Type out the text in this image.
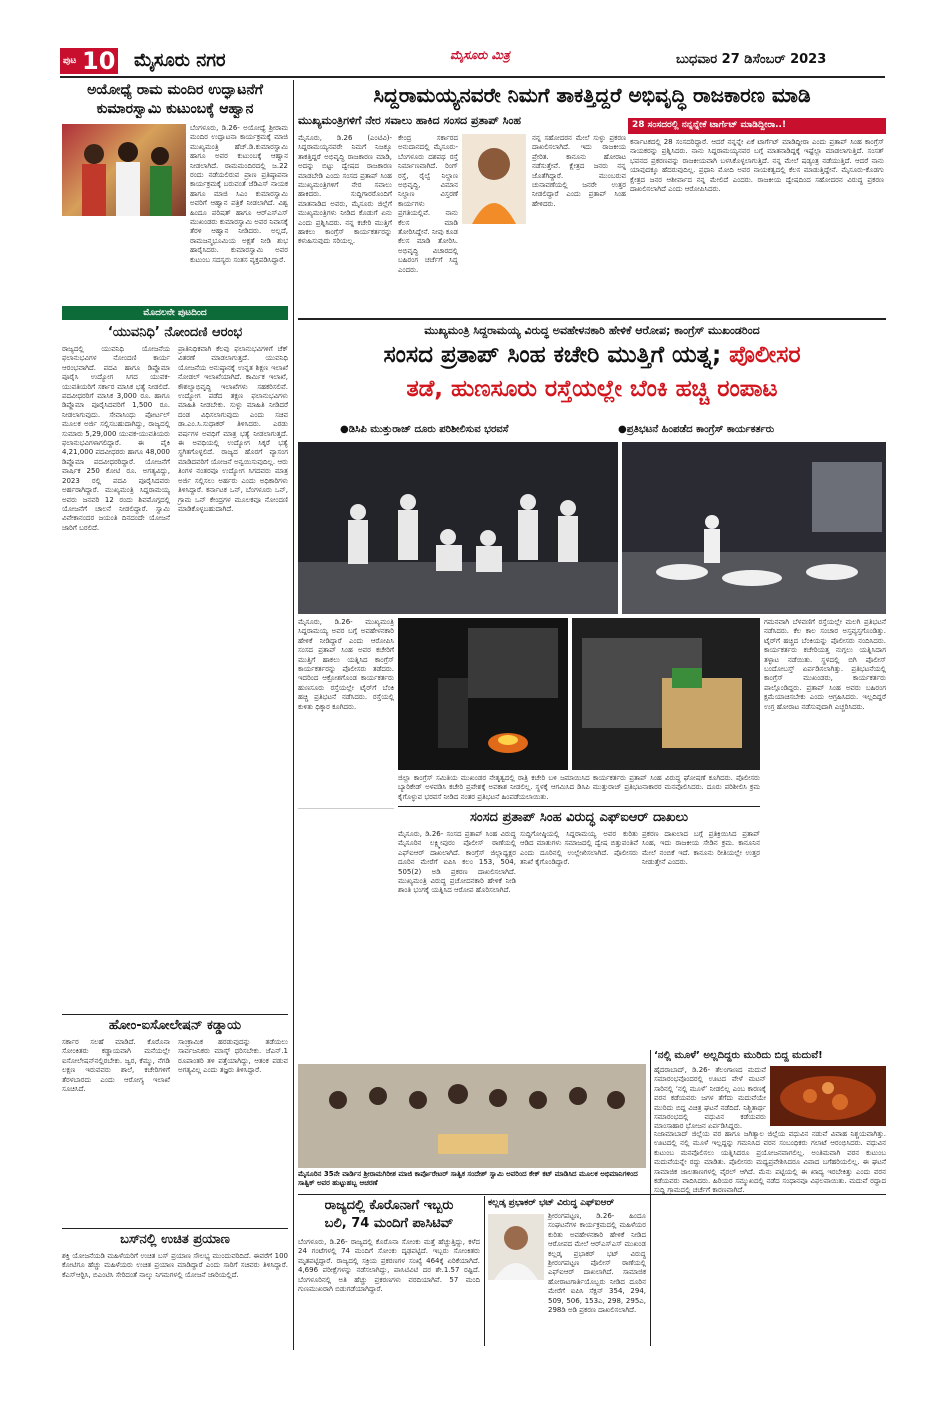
ಪುಟ 10 ಮೈಸೂರು ನಗರ	ಮೈಸೂರು ಮಿತ್ರ	ಬುಧವಾರ 27 ಡಿಸೆಂಬರ್ 2023
ಅಯೋಧ್ಯೆ ರಾಮ ಮಂದಿರ ಉದ್ಘಾಟನೆಗೆ
ಕುಮಾರಸ್ವಾಮಿ ಕುಟುಂಬಕ್ಕೆ ಆಹ್ವಾನ
ಬೆಂಗಳೂರು, ಡಿ.26- ಅಯೋಧ್ಯೆ ಶ್ರೀರಾಮ ಮಂದಿರ ಉದ್ಘಾಟನಾ ಕಾರ್ಯಕ್ರಮಕ್ಕೆ ಮಾಜಿ ಮುಖ್ಯಮಂತ್ರಿ ಹೆಚ್.ಡಿ.ಕುಮಾರಸ್ವಾಮಿ ಹಾಗೂ ಅವರ ಕುಟುಂಬಕ್ಕೆ ಆಹ್ವಾನ ನೀಡಲಾಗಿದೆ. ರಾಮಮಂದಿರದಲ್ಲಿ ಜ.22 ರಂದು ನಡೆಯಲಿರುವ ಪ್ರಾಣ ಪ್ರತಿಷ್ಠಾಪನಾ ಕಾರ್ಯಕ್ರಮಕ್ಕೆ ಬರುವಂತೆ ಜೆಡಿಎಸ್ ನಾಯಕ ಹಾಗೂ ಮಾಜಿ ಸಿಎಂ ಕುಮಾರಸ್ವಾಮಿ ಅವರಿಗೆ ಆಹ್ವಾನ ಪತ್ರಿಕೆ ನೀಡಲಾಗಿದೆ. ವಿಶ್ವ ಹಿಂದೂ ಪರಿಷತ್ ಹಾಗೂ ಆರ್‍ಎಸ್‍ಎಸ್ ಮುಖಂಡರು ಕುಮಾರಸ್ವಾಮಿ ಅವರ ನಿವಾಸಕ್ಕೆ ತೆರಳಿ ಆಹ್ವಾನ ನೀಡಿದರು. ಅಲ್ಲದೆ, ರಾಮಜನ್ಮಭೂಮಿಯ ಅಕ್ಷತೆ ನೀಡಿ ಶುಭ ಹಾರೈಸಿದರು. ಕುಮಾರಸ್ವಾಮಿ ಅವರ ಕುಟುಂಬ ಸದಸ್ಯರು ಸಂತಸ ವ್ಯಕ್ತಪಡಿಸಿದ್ದಾರೆ.
ಮೊದಲನೇ ಪುಟದಿಂದ
‘ಯುವನಿಧಿ’ ನೋಂದಣಿ ಆರಂಭ
ರಾಜ್ಯದಲ್ಲಿ ಯುವನಿಧಿ ಯೋಜನೆಯ ಫಲಾನುಭವಿಗಳ ನೋಂದಣಿ ಕಾರ್ಯ ಆರಂಭವಾಗಿದೆ. ಪದವಿ ಹಾಗೂ ಡಿಪ್ಲೊಮಾ ಪೂರೈಸಿ ಉದ್ಯೋಗ ಸಿಗದ ಯುವಕ-ಯುವತಿಯರಿಗೆ ಸರ್ಕಾರ ಮಾಸಿಕ ಭತ್ಯೆ ನೀಡಲಿದೆ. ಪದವೀಧರರಿಗೆ ಮಾಸಿಕ 3,000 ರೂ. ಹಾಗೂ ಡಿಪ್ಲೊಮಾ ಪೂರೈಸಿದವರಿಗೆ 1,500 ರೂ. ನೀಡಲಾಗುವುದು. ಸೇವಾಸಿಂಧು ಪೋರ್ಟಲ್ ಮೂಲಕ ಅರ್ಜಿ ಸಲ್ಲಿಸಬಹುದಾಗಿದ್ದು, ರಾಜ್ಯದಲ್ಲಿ ಸುಮಾರು 5,29,000 ಯುವಕ-ಯುವತಿಯರು ಫಲಾನುಭವಿಗಳಾಗಲಿದ್ದಾರೆ. ಈ ಪೈಕಿ 4,21,000 ಪದವೀಧರರು ಹಾಗೂ 48,000 ಡಿಪ್ಲೊಮಾ ಪದವೀಧರರಿದ್ದಾರೆ. ಯೋಜನೆಗೆ ವಾರ್ಷಿಕ 250 ಕೋಟಿ ರೂ. ಅಗತ್ಯವಿದ್ದು, 2023 ರಲ್ಲಿ ಪದವಿ ಪೂರೈಸಿದವರು ಅರ್ಹರಾಗಿದ್ದಾರೆ. ಮುಖ್ಯಮಂತ್ರಿ ಸಿದ್ದರಾಮಯ್ಯ ಅವರು ಜನವರಿ 12 ರಂದು ಶಿವಮೊಗ್ಗದಲ್ಲಿ ಯೋಜನೆಗೆ ಚಾಲನೆ ನೀಡಲಿದ್ದಾರೆ. ಸ್ವಾಮಿ ವಿವೇಕಾನಂದರ ಜಯಂತಿ ದಿನದಂದೇ ಯೋಜನೆ ಜಾರಿಗೆ ಬರಲಿದೆ.
ಪ್ರಾತಿನಿಧಿಕವಾಗಿ ಕೆಲವು ಫಲಾನುಭವಿಗಳಿಗೆ ಚೆಕ್ ವಿತರಣೆ ಮಾಡಲಾಗುತ್ತದೆ. ಯುವನಿಧಿ ಯೋಜನೆಯ ಅನುಷ್ಠಾನಕ್ಕೆ ಉನ್ನತ ಶಿಕ್ಷಣ ಇಲಾಖೆ ನೋಡಲ್ ಇಲಾಖೆಯಾಗಿದೆ. ಕಾರ್ಮಿಕ ಇಲಾಖೆ, ಕೌಶಲ್ಯಾಭಿವೃದ್ಧಿ ಇಲಾಖೆಗಳು ಸಹಕರಿಸಲಿವೆ. ಉದ್ಯೋಗ ಪಡೆದ ತಕ್ಷಣ ಫಲಾನುಭವಿಗಳು ಮಾಹಿತಿ ನೀಡಬೇಕು. ಸುಳ್ಳು ಮಾಹಿತಿ ನೀಡಿದರೆ ದಂಡ ವಿಧಿಸಲಾಗುವುದು ಎಂದು ಸಚಿವ ಡಾ.ಎಂ.ಸಿ.ಸುಧಾಕರ್ ತಿಳಿಸಿದರು. ಎರಡು ವರ್ಷಗಳ ಅವಧಿಗೆ ಮಾತ್ರ ಭತ್ಯೆ ನೀಡಲಾಗುತ್ತದೆ. ಈ ಅವಧಿಯಲ್ಲಿ ಉದ್ಯೋಗ ಸಿಕ್ಕರೆ ಭತ್ಯೆ ಸ್ಥಗಿತಗೊಳ್ಳಲಿದೆ. ರಾಜ್ಯದ ಹೊರಗೆ ವ್ಯಾಸಂಗ ಮಾಡಿದವರಿಗೆ ಯೋಜನೆ ಅನ್ವಯಿಸುವುದಿಲ್ಲ. ಆರು ತಿಂಗಳ ನಂತರವೂ ಉದ್ಯೋಗ ಸಿಗದವರು ಮಾತ್ರ ಅರ್ಜಿ ಸಲ್ಲಿಸಲು ಅರ್ಹರು ಎಂದು ಅಧಿಕಾರಿಗಳು ತಿಳಿಸಿದ್ದಾರೆ. ಕರ್ನಾಟಕ ಒನ್, ಬೆಂಗಳೂರು ಒನ್, ಗ್ರಾಮ ಒನ್ ಕೇಂದ್ರಗಳ ಮೂಲಕವೂ ನೋಂದಣಿ ಮಾಡಿಕೊಳ್ಳಬಹುದಾಗಿದೆ.
ಹೋಂ-ಐಸೋಲೇಷನ್ ಕಡ್ಡಾಯ
ಸರ್ಕಾರ ಸಲಹೆ ಮಾಡಿದೆ. ಕೊರೊನಾ ಸೋಂಕಿತರು ಕಡ್ಡಾಯವಾಗಿ ಮನೆಯಲ್ಲೇ ಐಸೋಲೇಷನ್‍ನಲ್ಲಿರಬೇಕು. ಜ್ವರ, ಕೆಮ್ಮು, ನೆಗಡಿ ಲಕ್ಷಣ ಇರುವವರು ಶಾಲೆ, ಕಚೇರಿಗಳಿಗೆ ತೆರಳಬಾರದು ಎಂದು ಆರೋಗ್ಯ ಇಲಾಖೆ ಸೂಚಿಸಿದೆ.
ಸಾಂಕ್ರಾಮಿಕ ಹರಡುವುದನ್ನು ತಡೆಯಲು ಸಾರ್ವಜನಿಕರು ಮಾಸ್ಕ್ ಧರಿಸಬೇಕು. ಜೆಎನ್.1 ರೂಪಾಂತರಿ ತಳಿ ಪತ್ತೆಯಾಗಿದ್ದು, ಆತಂಕ ಪಡುವ ಅಗತ್ಯವಿಲ್ಲ ಎಂದು ತಜ್ಞರು ತಿಳಿಸಿದ್ದಾರೆ.
ಬಸ್‍ನಲ್ಲಿ ಉಚಿತ ಪ್ರಯಾಣ
ಶಕ್ತಿ ಯೋಜನೆಯಡಿ ಮಹಿಳೆಯರಿಗೆ ಉಚಿತ ಬಸ್ ಪ್ರಯಾಣ ಸೌಲಭ್ಯ ಮುಂದುವರಿದಿದೆ. ಈವರೆಗೆ 100 ಕೋಟಿಗೂ ಹೆಚ್ಚು ಮಹಿಳೆಯರು ಉಚಿತ ಪ್ರಯಾಣ ಮಾಡಿದ್ದಾರೆ ಎಂದು ಸಾರಿಗೆ ಸಚಿವರು ತಿಳಿಸಿದ್ದಾರೆ. ಕೆಎಸ್‍ಆರ್‍ಟಿಸಿ, ಬಿಎಂಟಿಸಿ ಸೇರಿದಂತೆ ನಾಲ್ಕು ನಿಗಮಗಳಲ್ಲಿ ಯೋಜನೆ ಜಾರಿಯಲ್ಲಿದೆ.
ಸಿದ್ದರಾಮಯ್ಯನವರೇ ನಿಮಗೆ ತಾಕತ್ತಿದ್ದರೆ ಅಭಿವೃದ್ಧಿ ರಾಜಕಾರಣ ಮಾಡಿ
ಮುಖ್ಯಮಂತ್ರಿಗಳಿಗೆ ನೇರ ಸವಾಲು ಹಾಕಿದ ಸಂಸದ ಪ್ರತಾಪ್ ಸಿಂಹ
ಮೈಸೂರು, ಡಿ.26 (ಎಂಟಿವಿ)- ಸಿದ್ದರಾಮಯ್ಯನವರೇ ನಿಮಗೆ ನಿಜಕ್ಕೂ ತಾಕತ್ತಿದ್ದರೆ ಅಭಿವೃದ್ಧಿ ರಾಜಕಾರಣ ಮಾಡಿ, ಅದನ್ನು ಬಿಟ್ಟು ದ್ವೇಷದ ರಾಜಕಾರಣ ಮಾಡಬೇಡಿ ಎಂದು ಸಂಸದ ಪ್ರತಾಪ್ ಸಿಂಹ ಮುಖ್ಯಮಂತ್ರಿಗಳಿಗೆ ನೇರ ಸವಾಲು ಹಾಕಿದರು. ಸುದ್ದಿಗಾರರೊಂದಿಗೆ ಮಾತನಾಡಿದ ಅವರು, ಮೈಸೂರು ಜಿಲ್ಲೆಗೆ ಮುಖ್ಯಮಂತ್ರಿಗಳು ನೀಡಿದ ಕೊಡುಗೆ ಏನು ಎಂದು ಪ್ರಶ್ನಿಸಿದರು. ನನ್ನ ಕಚೇರಿ ಮುತ್ತಿಗೆ ಹಾಕಲು ಕಾಂಗ್ರೆಸ್ ಕಾರ್ಯಕರ್ತರನ್ನು ಕಳುಹಿಸುವುದು ಸರಿಯಲ್ಲ.
ಕೇಂದ್ರ ಸರ್ಕಾರದ ಅನುದಾನದಲ್ಲಿ ಮೈಸೂರು-ಬೆಂಗಳೂರು ದಶಪಥ ರಸ್ತೆ ನಿರ್ಮಾಣವಾಗಿದೆ. ರಿಂಗ್ ರಸ್ತೆ, ರೈಲ್ವೆ ನಿಲ್ದಾಣ ಅಭಿವೃದ್ಧಿ, ವಿಮಾನ ನಿಲ್ದಾಣ ವಿಸ್ತರಣೆ ಕಾರ್ಯಗಳು ಪ್ರಗತಿಯಲ್ಲಿವೆ. ನಾನು ಕೆಲಸ ಮಾಡಿ ತೋರಿಸಿದ್ದೇನೆ. ನೀವು ಕೂಡ ಕೆಲಸ ಮಾಡಿ ತೋರಿಸಿ. ಅಭಿವೃದ್ಧಿ ವಿಚಾರದಲ್ಲಿ ಬಹಿರಂಗ ಚರ್ಚೆಗೆ ಸಿದ್ಧ ಎಂದರು.
ನನ್ನ ಸಹೋದರನ ಮೇಲೆ ಸುಳ್ಳು ಪ್ರಕರಣ ದಾಖಲಿಸಲಾಗಿದೆ. ಇದು ರಾಜಕೀಯ ಪ್ರೇರಿತ. ಕಾನೂನು ಹೋರಾಟ ನಡೆಸುತ್ತೇವೆ. ಕ್ಷೇತ್ರದ ಜನರು ನನ್ನ ಜೊತೆಗಿದ್ದಾರೆ. ಮುಂಬರುವ ಚುನಾವಣೆಯಲ್ಲಿ ಜನರೇ ಉತ್ತರ ನೀಡಲಿದ್ದಾರೆ ಎಂದು ಪ್ರತಾಪ್ ಸಿಂಹ ಹೇಳಿದರು.
28 ಸಂಸದರಲ್ಲಿ ನನ್ನನ್ನೇಕೆ ಟಾರ್ಗೆಟ್ ಮಾಡಿದ್ದೀರಾ..!
ಕರ್ನಾಟಕದಲ್ಲಿ 28 ಸಂಸದರಿದ್ದಾರೆ. ಆದರೆ ನನ್ನನ್ನೇ ಏಕೆ ಟಾರ್ಗೆಟ್ ಮಾಡಿದ್ದೀರಾ ಎಂದು ಪ್ರತಾಪ್ ಸಿಂಹ ಕಾಂಗ್ರೆಸ್ ನಾಯಕರನ್ನು ಪ್ರಶ್ನಿಸಿದರು. ನಾನು ಸಿದ್ದರಾಮಯ್ಯನವರ ಬಗ್ಗೆ ಮಾತನಾಡಿದ್ದಕ್ಕೆ ಇಷ್ಟೆಲ್ಲಾ ಮಾಡಲಾಗುತ್ತಿದೆ. ಸಂಸತ್ ಭವನದ ಪ್ರಕರಣವನ್ನು ರಾಜಕೀಯವಾಗಿ ಬಳಸಿಕೊಳ್ಳಲಾಗುತ್ತಿದೆ. ನನ್ನ ಮೇಲೆ ಷಡ್ಯಂತ್ರ ನಡೆಯುತ್ತಿದೆ. ಆದರೆ ನಾನು ಯಾವುದಕ್ಕೂ ಹೆದರುವುದಿಲ್ಲ. ಪ್ರಧಾನಿ ಮೋದಿ ಅವರ ನಾಯಕತ್ವದಲ್ಲಿ ಕೆಲಸ ಮಾಡುತ್ತಿದ್ದೇನೆ. ಮೈಸೂರು-ಕೊಡಗು ಕ್ಷೇತ್ರದ ಜನರ ಆಶೀರ್ವಾದ ನನ್ನ ಮೇಲಿದೆ ಎಂದರು. ರಾಜಕೀಯ ದ್ವೇಷದಿಂದ ಸಹೋದರನ ವಿರುದ್ಧ ಪ್ರಕರಣ ದಾಖಲಿಸಲಾಗಿದೆ ಎಂದು ಆರೋಪಿಸಿದರು.
ಮುಖ್ಯಮಂತ್ರಿ ಸಿದ್ದರಾಮಯ್ಯ ವಿರುದ್ಧ ಅವಹೇಳನಕಾರಿ ಹೇಳಿಕೆ ಆರೋಪ; ಕಾಂಗ್ರೆಸ್ ಮುಖಂಡರಿಂದ
ಸಂಸದ ಪ್ರತಾಪ್ ಸಿಂಹ ಕಚೇರಿ ಮುತ್ತಿಗೆ ಯತ್ನ; ಪೊಲೀಸರ
ತಡೆ, ಹುಣಸೂರು ರಸ್ತೆಯಲ್ಲೇ ಬೆಂಕಿ ಹಚ್ಚಿ ರಂಪಾಟ
●ಡಿಸಿಪಿ ಮುತ್ತುರಾಜ್ ದೂರು ಪರಿಶೀಲಿಸುವ ಭರವಸೆ	●ಪ್ರತಿಭಟನೆ ಹಿಂಪಡೆದ ಕಾಂಗ್ರೆಸ್ ಕಾರ್ಯಕರ್ತರು
ಮೈಸೂರು, ಡಿ.26- ಮುಖ್ಯಮಂತ್ರಿ ಸಿದ್ದರಾಮಯ್ಯ ಅವರ ಬಗ್ಗೆ ಅವಹೇಳನಕಾರಿ ಹೇಳಿಕೆ ನೀಡಿದ್ದಾರೆ ಎಂದು ಆರೋಪಿಸಿ ಸಂಸದ ಪ್ರತಾಪ್ ಸಿಂಹ ಅವರ ಕಚೇರಿಗೆ ಮುತ್ತಿಗೆ ಹಾಕಲು ಯತ್ನಿಸಿದ ಕಾಂಗ್ರೆಸ್ ಕಾರ್ಯಕರ್ತರನ್ನು ಪೊಲೀಸರು ತಡೆದರು. ಇದರಿಂದ ಆಕ್ರೋಶಗೊಂಡ ಕಾರ್ಯಕರ್ತರು ಹುಣಸೂರು ರಸ್ತೆಯಲ್ಲೇ ಟೈರ್‌ಗೆ ಬೆಂಕಿ ಹಚ್ಚಿ ಪ್ರತಿಭಟನೆ ನಡೆಸಿದರು. ರಸ್ತೆಯಲ್ಲಿ ಕುಳಿತು ಧಿಕ್ಕಾರ ಕೂಗಿದರು.
ಜಿಲ್ಲಾ ಕಾಂಗ್ರೆಸ್ ಸಮಿತಿಯ ಮುಖಂಡರ ನೇತೃತ್ವದಲ್ಲಿ ರಾತ್ರಿ ಕಚೇರಿ ಬಳಿ ಜಮಾಯಿಸಿದ ಕಾರ್ಯಕರ್ತರು ಪ್ರತಾಪ್ ಸಿಂಹ ವಿರುದ್ಧ ಘೋಷಣೆ ಕೂಗಿದರು. ಪೊಲೀಸರು ಬ್ಯಾರಿಕೇಡ್ ಅಳವಡಿಸಿ ಕಚೇರಿ ಪ್ರವೇಶಕ್ಕೆ ಅವಕಾಶ ನೀಡಲಿಲ್ಲ. ಸ್ಥಳಕ್ಕೆ ಆಗಮಿಸಿದ ಡಿಸಿಪಿ ಮುತ್ತುರಾಜ್ ಪ್ರತಿಭಟನಾಕಾರರ ಮನವೊಲಿಸಿದರು. ದೂರು ಪರಿಶೀಲಿಸಿ ಕ್ರಮ ಕೈಗೊಳ್ಳುವ ಭರವಸೆ ನೀಡಿದ ನಂತರ ಪ್ರತಿಭಟನೆ ಹಿಂಪಡೆಯಲಾಯಿತು.
ಗಮನವಾಗಿ ಬೆಳವಣಿಗೆ ರಸ್ತೆಯಲ್ಲೇ ಮಲಗಿ ಪ್ರತಿಭಟನೆ ನಡೆಸಿದರು. ಕೆಲ ಕಾಲ ಸಂಚಾರ ಅಸ್ತವ್ಯಸ್ತಗೊಂಡಿತ್ತು. ಟೈರ್‌ಗೆ ಹಚ್ಚಿದ ಬೆಂಕಿಯನ್ನು ಪೊಲೀಸರು ನಂದಿಸಿದರು. ಕಾರ್ಯಕರ್ತರು ಕಚೇರಿಯತ್ತ ನುಗ್ಗಲು ಯತ್ನಿಸಿದಾಗ ತಳ್ಳಾಟ ನಡೆಯಿತು. ಸ್ಥಳದಲ್ಲಿ ಬಿಗಿ ಪೊಲೀಸ್ ಬಂದೋಬಸ್ತ್ ಏರ್ಪಡಿಸಲಾಗಿತ್ತು. ಪ್ರತಿಭಟನೆಯಲ್ಲಿ ಕಾಂಗ್ರೆಸ್ ಮುಖಂಡರು, ಕಾರ್ಯಕರ್ತರು ಪಾಲ್ಗೊಂಡಿದ್ದರು. ಪ್ರತಾಪ್ ಸಿಂಹ ಅವರು ಬಹಿರಂಗ ಕ್ಷಮೆಯಾಚಿಸಬೇಕು ಎಂದು ಆಗ್ರಹಿಸಿದರು. ಇಲ್ಲದಿದ್ದರೆ ಉಗ್ರ ಹೋರಾಟ ನಡೆಸುವುದಾಗಿ ಎಚ್ಚರಿಸಿದರು.
ಸಂಸದ ಪ್ರತಾಪ್ ಸಿಂಹ ವಿರುದ್ಧ ಎಫ್‍ಐಆರ್ ದಾಖಲು
ಮೈಸೂರು, ಡಿ.26- ಸಂಸದ ಪ್ರತಾಪ್ ಸಿಂಹ ವಿರುದ್ಧ ಮೈಸೂರಿನ ಲಕ್ಷ್ಮೀಪುರಂ ಪೊಲೀಸ್ ಠಾಣೆಯಲ್ಲಿ ಎಫ್‍ಐಆರ್ ದಾಖಲಾಗಿದೆ. ಕಾಂಗ್ರೆಸ್ ಜಿಲ್ಲಾಧ್ಯಕ್ಷರ ದೂರಿನ ಮೇರೆಗೆ ಐಪಿಸಿ ಕಲಂ 153, 504, 505(2) ಅಡಿ ಪ್ರಕರಣ ದಾಖಲಿಸಲಾಗಿದೆ. ಮುಖ್ಯಮಂತ್ರಿ ವಿರುದ್ಧ ಪ್ರಚೋದನಕಾರಿ ಹೇಳಿಕೆ ನೀಡಿ ಶಾಂತಿ ಭಂಗಕ್ಕೆ ಯತ್ನಿಸಿದ ಆರೋಪ ಹೊರಿಸಲಾಗಿದೆ.
ಸುದ್ದಿಗೋಷ್ಠಿಯಲ್ಲಿ ಸಿದ್ದರಾಮಯ್ಯ ಅವರ ಕುರಿತು ಆಡಿದ ಮಾತುಗಳು ಸಮಾಜದಲ್ಲಿ ದ್ವೇಷ ಬಿತ್ತುವಂತಿವೆ ಎಂದು ದೂರಿನಲ್ಲಿ ಉಲ್ಲೇಖಿಸಲಾಗಿದೆ. ಪೊಲೀಸರು ತನಿಖೆ ಕೈಗೊಂಡಿದ್ದಾರೆ.
ಪ್ರಕರಣ ದಾಖಲಾದ ಬಗ್ಗೆ ಪ್ರತಿಕ್ರಿಯಿಸಿದ ಪ್ರತಾಪ್ ಸಿಂಹ, ಇದು ರಾಜಕೀಯ ಸೇಡಿನ ಕ್ರಮ. ಕಾನೂನಿನ ಮೇಲೆ ನಂಬಿಕೆ ಇದೆ. ಕಾನೂನು ರೀತಿಯಲ್ಲೇ ಉತ್ತರ ನೀಡುತ್ತೇನೆ ಎಂದರು.
ಮೈಸೂರಿನ 35ನೇ ವಾರ್ಡಿನ ಶ್ರೀರಾಮಗಿರೀಶ ಮಾಜಿ ಕಾರ್ಪೊರೇಟರ್ ಸಾತ್ವಿಕ ಸಂದೇಶ್ ಸ್ವಾಮಿ ಅವರಿಂದ ಕೇಕ್ ಕಟ್ ಮಾಡಿಸಿದ ಮೂಲಕ ಅಭಿಮಾನಿಗಳಿಂದ ಸಾತ್ವಿಕ್ ಅವರ ಹುಟ್ಟುಹಬ್ಬ ಆಚರಣೆ
ರಾಜ್ಯದಲ್ಲಿ ಕೊರೊನಾಗೆ ಇಬ್ಬರು
ಬಲಿ, 74 ಮಂದಿಗೆ ಪಾಸಿಟಿವ್
ಬೆಂಗಳೂರು, ಡಿ.26- ರಾಜ್ಯದಲ್ಲಿ ಕೊರೊನಾ ಸೋಂಕು ಮತ್ತೆ ಹೆಚ್ಚುತ್ತಿದ್ದು, ಕಳೆದ 24 ಗಂಟೆಗಳಲ್ಲಿ 74 ಮಂದಿಗೆ ಸೋಂಕು ದೃಢಪಟ್ಟಿದೆ. ಇಬ್ಬರು ಸೋಂಕಿತರು ಮೃತಪಟ್ಟಿದ್ದಾರೆ. ರಾಜ್ಯದಲ್ಲಿ ಸಕ್ರಿಯ ಪ್ರಕರಣಗಳ ಸಂಖ್ಯೆ 464ಕ್ಕೆ ಏರಿಕೆಯಾಗಿದೆ. 4,696 ಪರೀಕ್ಷೆಗಳನ್ನು ನಡೆಸಲಾಗಿದ್ದು, ಪಾಸಿಟಿವಿಟಿ ದರ ಶೇ.1.57 ರಷ್ಟಿದೆ. ಬೆಂಗಳೂರಿನಲ್ಲಿ ಅತಿ ಹೆಚ್ಚು ಪ್ರಕರಣಗಳು ವರದಿಯಾಗಿವೆ. 57 ಮಂದಿ ಗುಣಮುಖರಾಗಿ ಬಿಡುಗಡೆಯಾಗಿದ್ದಾರೆ.
ಕಲ್ಲಡ್ಕ ಪ್ರಭಾಕರ್ ಭಟ್ ವಿರುದ್ಧ ಎಫ್‍ಐಆರ್
ಶ್ರೀರಂಗಪಟ್ಟಣ, ಡಿ.26- ಹಿಂದೂ ಸಂಘಟನೆಗಳ ಕಾರ್ಯಕ್ರಮದಲ್ಲಿ ಮಹಿಳೆಯರ ಕುರಿತು ಅವಹೇಳನಕಾರಿ ಹೇಳಿಕೆ ನೀಡಿದ ಆರೋಪದ ಮೇಲೆ ಆರ್‍ಎಸ್‍ಎಸ್ ಮುಖಂಡ ಕಲ್ಲಡ್ಕ ಪ್ರಭಾಕರ್ ಭಟ್ ವಿರುದ್ಧ ಶ್ರೀರಂಗಪಟ್ಟಣ ಪೊಲೀಸ್ ಠಾಣೆಯಲ್ಲಿ ಎಫ್‍ಐಆರ್ ದಾಖಲಾಗಿದೆ. ಸಾಮಾಜಿಕ ಹೋರಾಟಗಾರ್ತಿಯೊಬ್ಬರು ನೀಡಿದ ದೂರಿನ ಮೇರೆಗೆ ಐಪಿಸಿ ಸೆಕ್ಷನ್ 354, 294, 509, 506, 153ಎ, 298, 295ಎ, 298ಡಿ ಅಡಿ ಪ್ರಕರಣ ದಾಖಲಿಸಲಾಗಿದೆ.
‘ನಲ್ಲಿ ಮೂಳೆ’ ಅಲ್ಲದಿದ್ದರು ಮುರಿದು ಬಿದ್ದ ಮದುವೆ!
ಹೈದರಾಬಾದ್, ಡಿ.26- ತೆಲಂಗಾಣದ ಮದುವೆ ಸಮಾರಂಭವೊಂದರಲ್ಲಿ ಊಟದ ವೇಳೆ ಮಟನ್ ಸಾರಿನಲ್ಲಿ ‘ನಲ್ಲಿ ಮೂಳೆ’ ನೀಡಲಿಲ್ಲ ಎಂಬ ಕಾರಣಕ್ಕೆ ವರನ ಕಡೆಯವರು ಜಗಳ ತೆಗೆದು ಮದುವೆಯೇ ಮುರಿದು ಬಿದ್ದ ವಿಚಿತ್ರ ಘಟನೆ ನಡೆದಿದೆ. ನಿಶ್ಚಿತಾರ್ಥ ಸಮಾರಂಭದಲ್ಲಿ ವಧುವಿನ ಕಡೆಯವರು ಮಾಂಸಾಹಾರ ಭೋಜನ ಏರ್ಪಡಿಸಿದ್ದರು.
ನಿಜಾಮಾಬಾದ್ ಜಿಲ್ಲೆಯ ವರ ಹಾಗೂ ಜಗಿತ್ಯಾಲ ಜಿಲ್ಲೆಯ ವಧುವಿನ ನಡುವೆ ವಿವಾಹ ನಿಶ್ಚಯವಾಗಿತ್ತು. ಊಟದಲ್ಲಿ ನಲ್ಲಿ ಮೂಳೆ ಇಲ್ಲದ್ದನ್ನು ಗಮನಿಸಿದ ವರನ ಸಂಬಂಧಿಕರು ಗಲಾಟೆ ಆರಂಭಿಸಿದರು. ವಧುವಿನ ಕುಟುಂಬ ಮನವೊಲಿಸಲು ಯತ್ನಿಸಿದರೂ ಪ್ರಯೋಜನವಾಗಲಿಲ್ಲ. ಅಂತಿಮವಾಗಿ ವರನ ಕುಟುಂಬ ಮದುವೆಯನ್ನೇ ರದ್ದು ಮಾಡಿತು. ಪೊಲೀಸರು ಮಧ್ಯಪ್ರವೇಶಿಸಿದರೂ ವಿವಾದ ಬಗೆಹರಿಯಲಿಲ್ಲ. ಈ ಘಟನೆ ಸಾಮಾಜಿಕ ಜಾಲತಾಣಗಳಲ್ಲಿ ವೈರಲ್ ಆಗಿದೆ. ಮೆನು ಪಟ್ಟಿಯಲ್ಲಿ ಈ ಖಾದ್ಯ ಇರಬೇಕಿತ್ತು ಎಂದು ವರನ ಕಡೆಯವರು ವಾದಿಸಿದರು. ಹಿರಿಯರ ಸಮ್ಮುಖದಲ್ಲಿ ನಡೆದ ಸಂಧಾನವೂ ವಿಫಲವಾಯಿತು. ಮದುವೆ ರದ್ದಾದ ಸುದ್ದಿ ಗ್ರಾಮದಲ್ಲಿ ಚರ್ಚೆಗೆ ಕಾರಣವಾಗಿದೆ.
